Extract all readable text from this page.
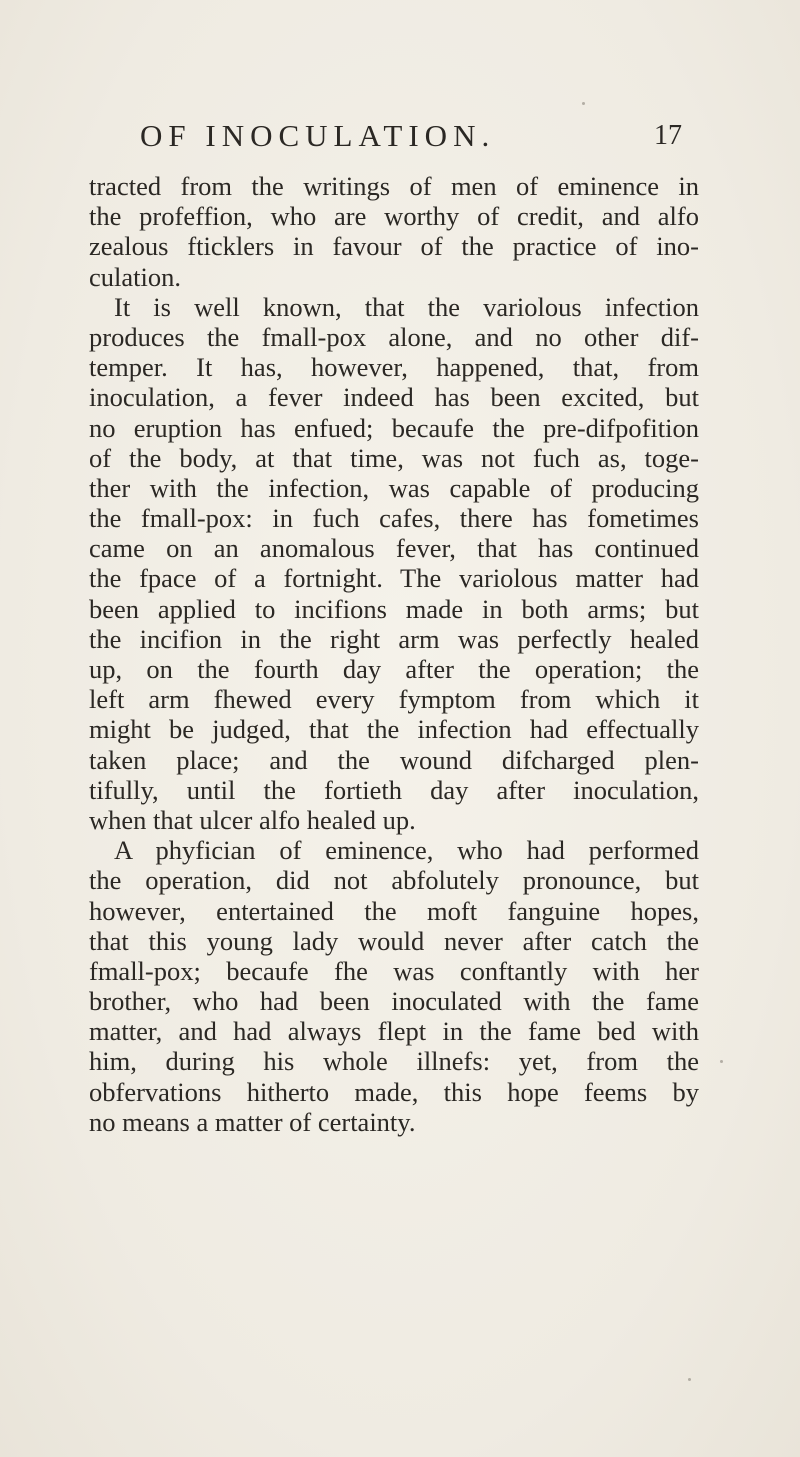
OF INOCULATION.	17
tracted from the writings of men of eminence in
the profeffion, who are worthy of credit, and alfo
zealous fticklers in favour of the practice of ino-
culation.
It is well known, that the variolous infection
produces the fmall-pox alone, and no other dif-
temper. It has, however, happened, that, from
inoculation, a fever indeed has been excited, but
no eruption has enfued; becaufe the pre-difpofition
of the body, at that time, was not fuch as, toge-
ther with the infection, was capable of producing
the fmall-pox: in fuch cafes, there has fometimes
came on an anomalous fever, that has continued
the fpace of a fortnight. The variolous matter had
been applied to incifions made in both arms; but
the incifion in the right arm was perfectly healed
up, on the fourth day after the operation; the
left arm fhewed every fymptom from which it
might be judged, that the infection had effectually
taken place; and the wound difcharged plen-
tifully, until the fortieth day after inoculation,
when that ulcer alfo healed up.
A phyfician of eminence, who had performed
the operation, did not abfolutely pronounce, but
however, entertained the moft fanguine hopes,
that this young lady would never after catch the
fmall-pox; becaufe fhe was conftantly with her
brother, who had been inoculated with the fame
matter, and had always flept in the fame bed with
him, during his whole illnefs: yet, from the
obfervations hitherto made, this hope feems by
no means a matter of certainty.
